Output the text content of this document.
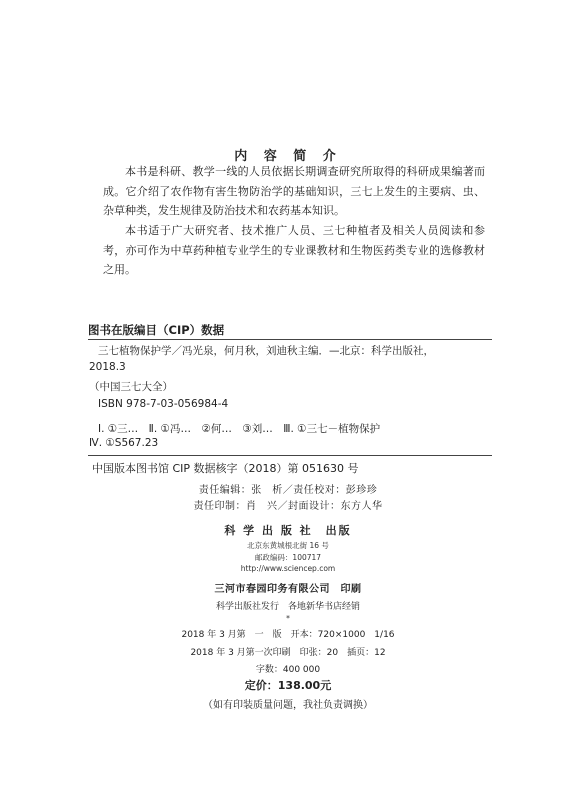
内 容 简 介

本书是科研、教学一线的人员依据长期调查研究所取得的科研成果编著而成。它介绍了农作物有害生物防治学的基础知识，三七上发生的主要病、虫、杂草种类，发生规律及防治技术和农药基本知识。

本书适于广大研究者、技术推广人员、三七种植者及相关人员阅读和参考，亦可作为中草药种植专业学生的专业课教材和生物医药类专业的选修教材之用。

图书在版编目（CIP）数据
三七植物保护学／冯光泉，何月秋，刘迪秋主编．—北京：科学出版社，
2018.3
（中国三七大全）
ISBN 978-7-03-056984-4
Ⅰ. ①三…　Ⅱ. ①冯…　②何…　③刘…　Ⅲ. ①三七－植物保护
Ⅳ. ①S567.23
中国版本图书馆 CIP 数据核字（2018）第 051630 号
责任编辑：张　析／责任校对：彭珍珍
责任印制：肖　兴／封面设计：东方人华
科 学 出 版 社　出版
北京东黄城根北街 16 号
邮政编码：100717
http://www.sciencep.com
三河市春园印务有限公司　印刷
科学出版社发行　各地新华书店经销
*
2018 年 3 月第　一　版　开本：720×1000　1/16
2018 年 3 月第一次印刷　印张：20　插页：12
字数：400 000
定价：138.00元
（如有印装质量问题，我社负责调换）
